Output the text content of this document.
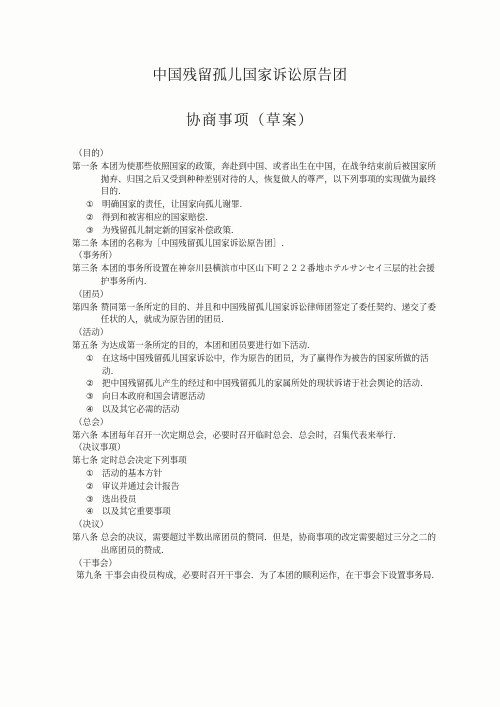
中国残留孤儿国家诉讼原告团
协商事项（草案）
（目的）
第一条 本团为使那些依照国家的政策，奔赴到中国、或者出生在中国，在战争结束前后被国家所抛弃、归国之后又受到种种差别对待的人，恢复做人的尊严，以下列事项的实现做为最终目的.
① 明确国家的责任，让国家向孤儿谢罪.
② 得到和被害相应的国家赔偿.
③ 为残留孤儿制定新的国家补偿政策.
第二条 本团的名称为［中国残留孤儿国家诉讼原告团］.
（事务所）
第三条 本团的事务所设置在神奈川县横滨市中区山下町２２２番地ホテルサンセイ三层的社会援护事务所内.
（团员）
第四条 赞同第一条所定的目的、并且和中国残留孤儿国家诉讼律师团签定了委任契约、递交了委任状的人，就成为原告团的团员.
（活动）
第五条 为达成第一条所定的目的，本团和团员要进行如下活动.
① 在这场中国残留孤儿国家诉讼中，作为原告的团员，为了赢得作为被告的国家所做的活动.
② 把中国残留孤儿产生的经过和中国残留孤儿的家属所处的现状诉诸于社会舆论的活动.
③ 向日本政府和国会请愿活动
④ 以及其它必需的活动
（总会）
第六条 本团每年召开一次定期总会，必要时召开临时总会．总会时，召集代表来举行.
（决议事项）
第七条 定时总会决定下列事项
① 活动的基本方针
② 审议并通过会计报告
③ 选出役员
④ 以及其它重要事项
（决议）
第八条 总会的决议，需要超过半数出席团员的赞同．但是，协商事项的改定需要超过三分之二的出席团员的赞成.
（干事会）
第九条 干事会由役员构成，必要时召开干事会．为了本团的顺利运作，在干事会下设置事务局.
